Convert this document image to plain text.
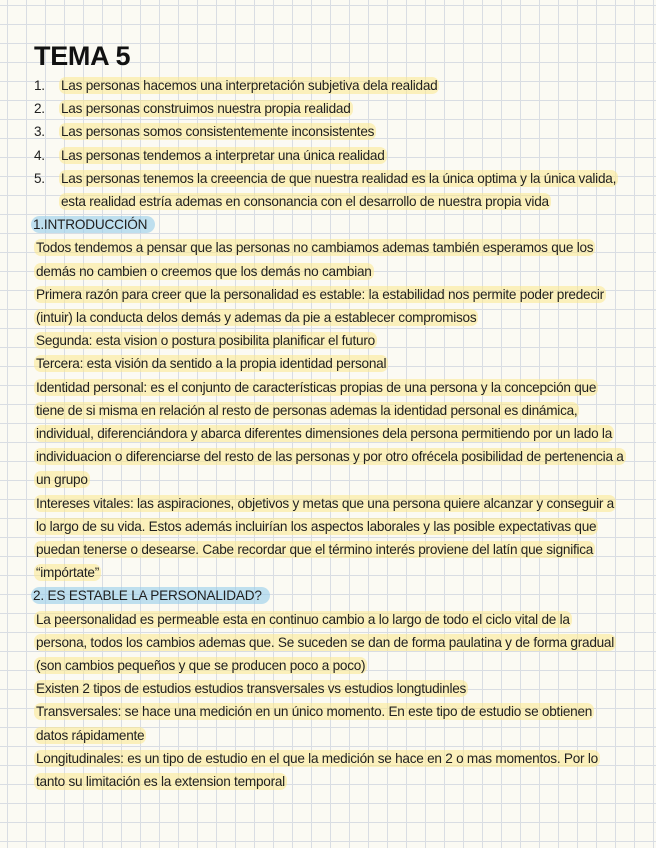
TEMA 5
1. Las personas hacemos una interpretación subjetiva dela realidad
2. Las personas construimos nuestra propia realidad
3. Las personas somos consistentemente inconsistentes
4. Las personas tendemos a interpretar una única realidad
5. Las personas tenemos la creeencia de que nuestra realidad es la única optima y la única valida, esta realidad estría ademas en consonancia con el desarrollo de nuestra propia vida

1.INTRODUCCIÓN

Todos tendemos a pensar que las personas no cambiamos ademas también esperamos que los demás no cambien o creemos que los demás no cambian

Primera razón para creer que la personalidad es estable: la estabilidad nos permite poder predecir (intuir) la conducta delos demás y ademas da pie a establecer compromisos

Segunda: esta vision o postura posibilita planificar el futuro

Tercera: esta visión da sentido a la propia identidad personal

Identidad personal: es el conjunto de características propias de una persona y la concepción que tiene de si misma en relación al resto de personas ademas la identidad personal es dinámica, individual, diferenciándora y abarca diferentes dimensiones dela persona permitiendo por un lado la individuacion o diferenciarse del resto de las personas y por otro ofrécela posibilidad de pertenencia a un grupo

Intereses vitales: las aspiraciones, objetivos y metas que una persona quiere alcanzar y conseguir a lo largo de su vida. Estos además incluirían los aspectos laborales y las posible expectativas que puedan tenerse o desearse. Cabe recordar que el término interés proviene del latín que significa “impórtate”

2. ES ESTABLE LA PERSONALIDAD?

La peersonalidad es permeable esta en continuo cambio a lo largo de todo el ciclo vital de la persona, todos los cambios ademas que. Se suceden se dan de forma paulatina y de forma gradual (son cambios pequeños y que se producen poco a poco)

Existen 2 tipos de estudios estudios transversales vs estudios longtudinles

Transversales: se hace una medición en un único momento. En este tipo de estudio se obtienen datos rápidamente

Longitudinales: es un tipo de estudio en el que la medición se hace en 2 o mas momentos. Por lo tanto su limitación es la extension temporal
